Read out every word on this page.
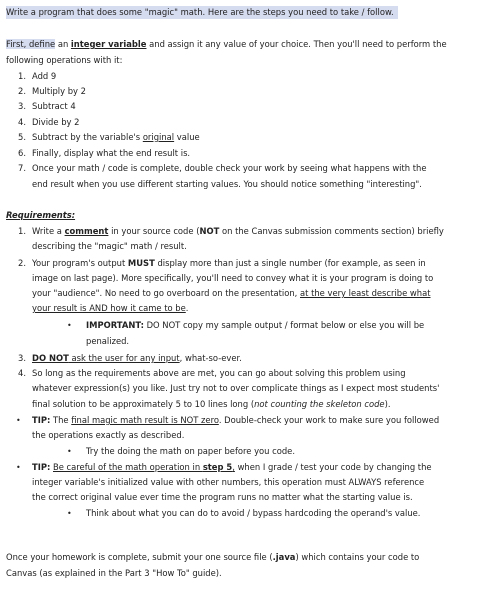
Write a program that does some "magic" math. Here are the steps you need to take / follow.
First, define an integer variable and assign it any value of your choice. Then you'll need to perform the
following operations with it:
1. Add 9
2. Multiply by 2
3. Subtract 4
4. Divide by 2
5. Subtract by the variable's original value
6. Finally, display what the end result is.
7. Once your math / code is complete, double check your work by seeing what happens with the
end result when you use different starting values. You should notice something "interesting".
Requirements:
1. Write a comment in your source code (NOT on the Canvas submission comments section) briefly
describing the "magic" math / result.
2. Your program's output MUST display more than just a single number (for example, as seen in
image on last page). More specifically, you'll need to convey what it is your program is doing to
your "audience". No need to go overboard on the presentation, at the very least describe what
your result is AND how it came to be.
• IMPORTANT: DO NOT copy my sample output / format below or else you will be
penalized.
3. DO NOT ask the user for any input, what-so-ever.
4. So long as the requirements above are met, you can go about solving this problem using
whatever expression(s) you like. Just try not to over complicate things as I expect most students'
final solution to be approximately 5 to 10 lines long (not counting the skeleton code).
• TIP: The final magic math result is NOT zero. Double-check your work to make sure you followed
the operations exactly as described.
• Try the doing the math on paper before you code.
• TIP: Be careful of the math operation in step 5, when I grade / test your code by changing the
integer variable's initialized value with other numbers, this operation must ALWAYS reference
the correct original value ever time the program runs no matter what the starting value is.
• Think about what you can do to avoid / bypass hardcoding the operand's value.
Once your homework is complete, submit your one source file (.java) which contains your code to
Canvas (as explained in the Part 3 "How To" guide).
